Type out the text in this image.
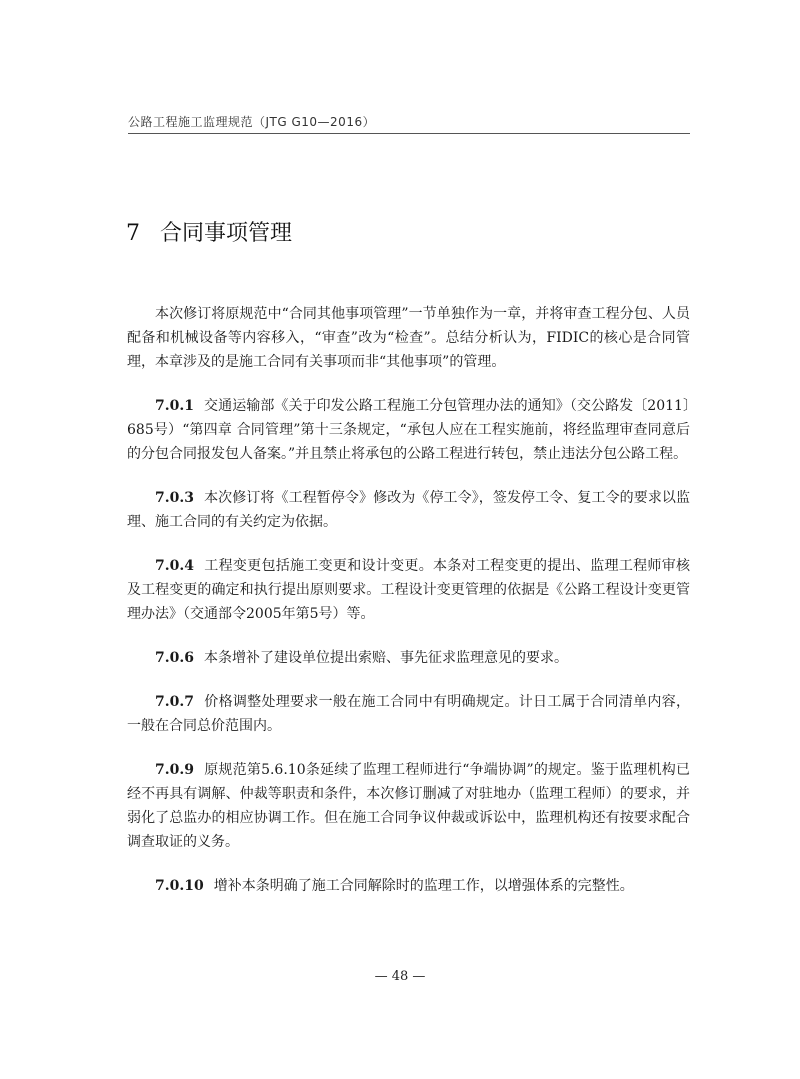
公路工程施工监理规范（JTG G10—2016）
7 合同事项管理

本次修订将原规范中“合同其他事项管理”一节单独作为一章，并将审查工程分包、人员配备和机械设备等内容移入，“审查”改为“检查”。总结分析认为，FIDIC的核心是合同管理，本章涉及的是施工合同有关事项而非“其他事项”的管理。

7.0.1 交通运输部《关于印发公路工程施工分包管理办法的通知》（交公路发〔2011〕685号）“第四章 合同管理”第十三条规定，“承包人应在工程实施前，将经监理审查同意后的分包合同报发包人备案。”并且禁止将承包的公路工程进行转包，禁止违法分包公路工程。

7.0.3 本次修订将《工程暂停令》修改为《停工令》，签发停工令、复工令的要求以监理、施工合同的有关约定为依据。

7.0.4 工程变更包括施工变更和设计变更。本条对工程变更的提出、监理工程师审核及工程变更的确定和执行提出原则要求。工程设计变更管理的依据是《公路工程设计变更管理办法》（交通部令2005年第5号）等。

7.0.6 本条增补了建设单位提出索赔、事先征求监理意见的要求。

7.0.7 价格调整处理要求一般在施工合同中有明确规定。计日工属于合同清单内容，一般在合同总价范围内。

7.0.9 原规范第5.6.10条延续了监理工程师进行“争端协调”的规定。鉴于监理机构已经不再具有调解、仲裁等职责和条件，本次修订删减了对驻地办（监理工程师）的要求，并弱化了总监办的相应协调工作。但在施工合同争议仲裁或诉讼中，监理机构还有按要求配合调查取证的义务。

7.0.10 增补本条明确了施工合同解除时的监理工作，以增强体系的完整性。

— 48 —
